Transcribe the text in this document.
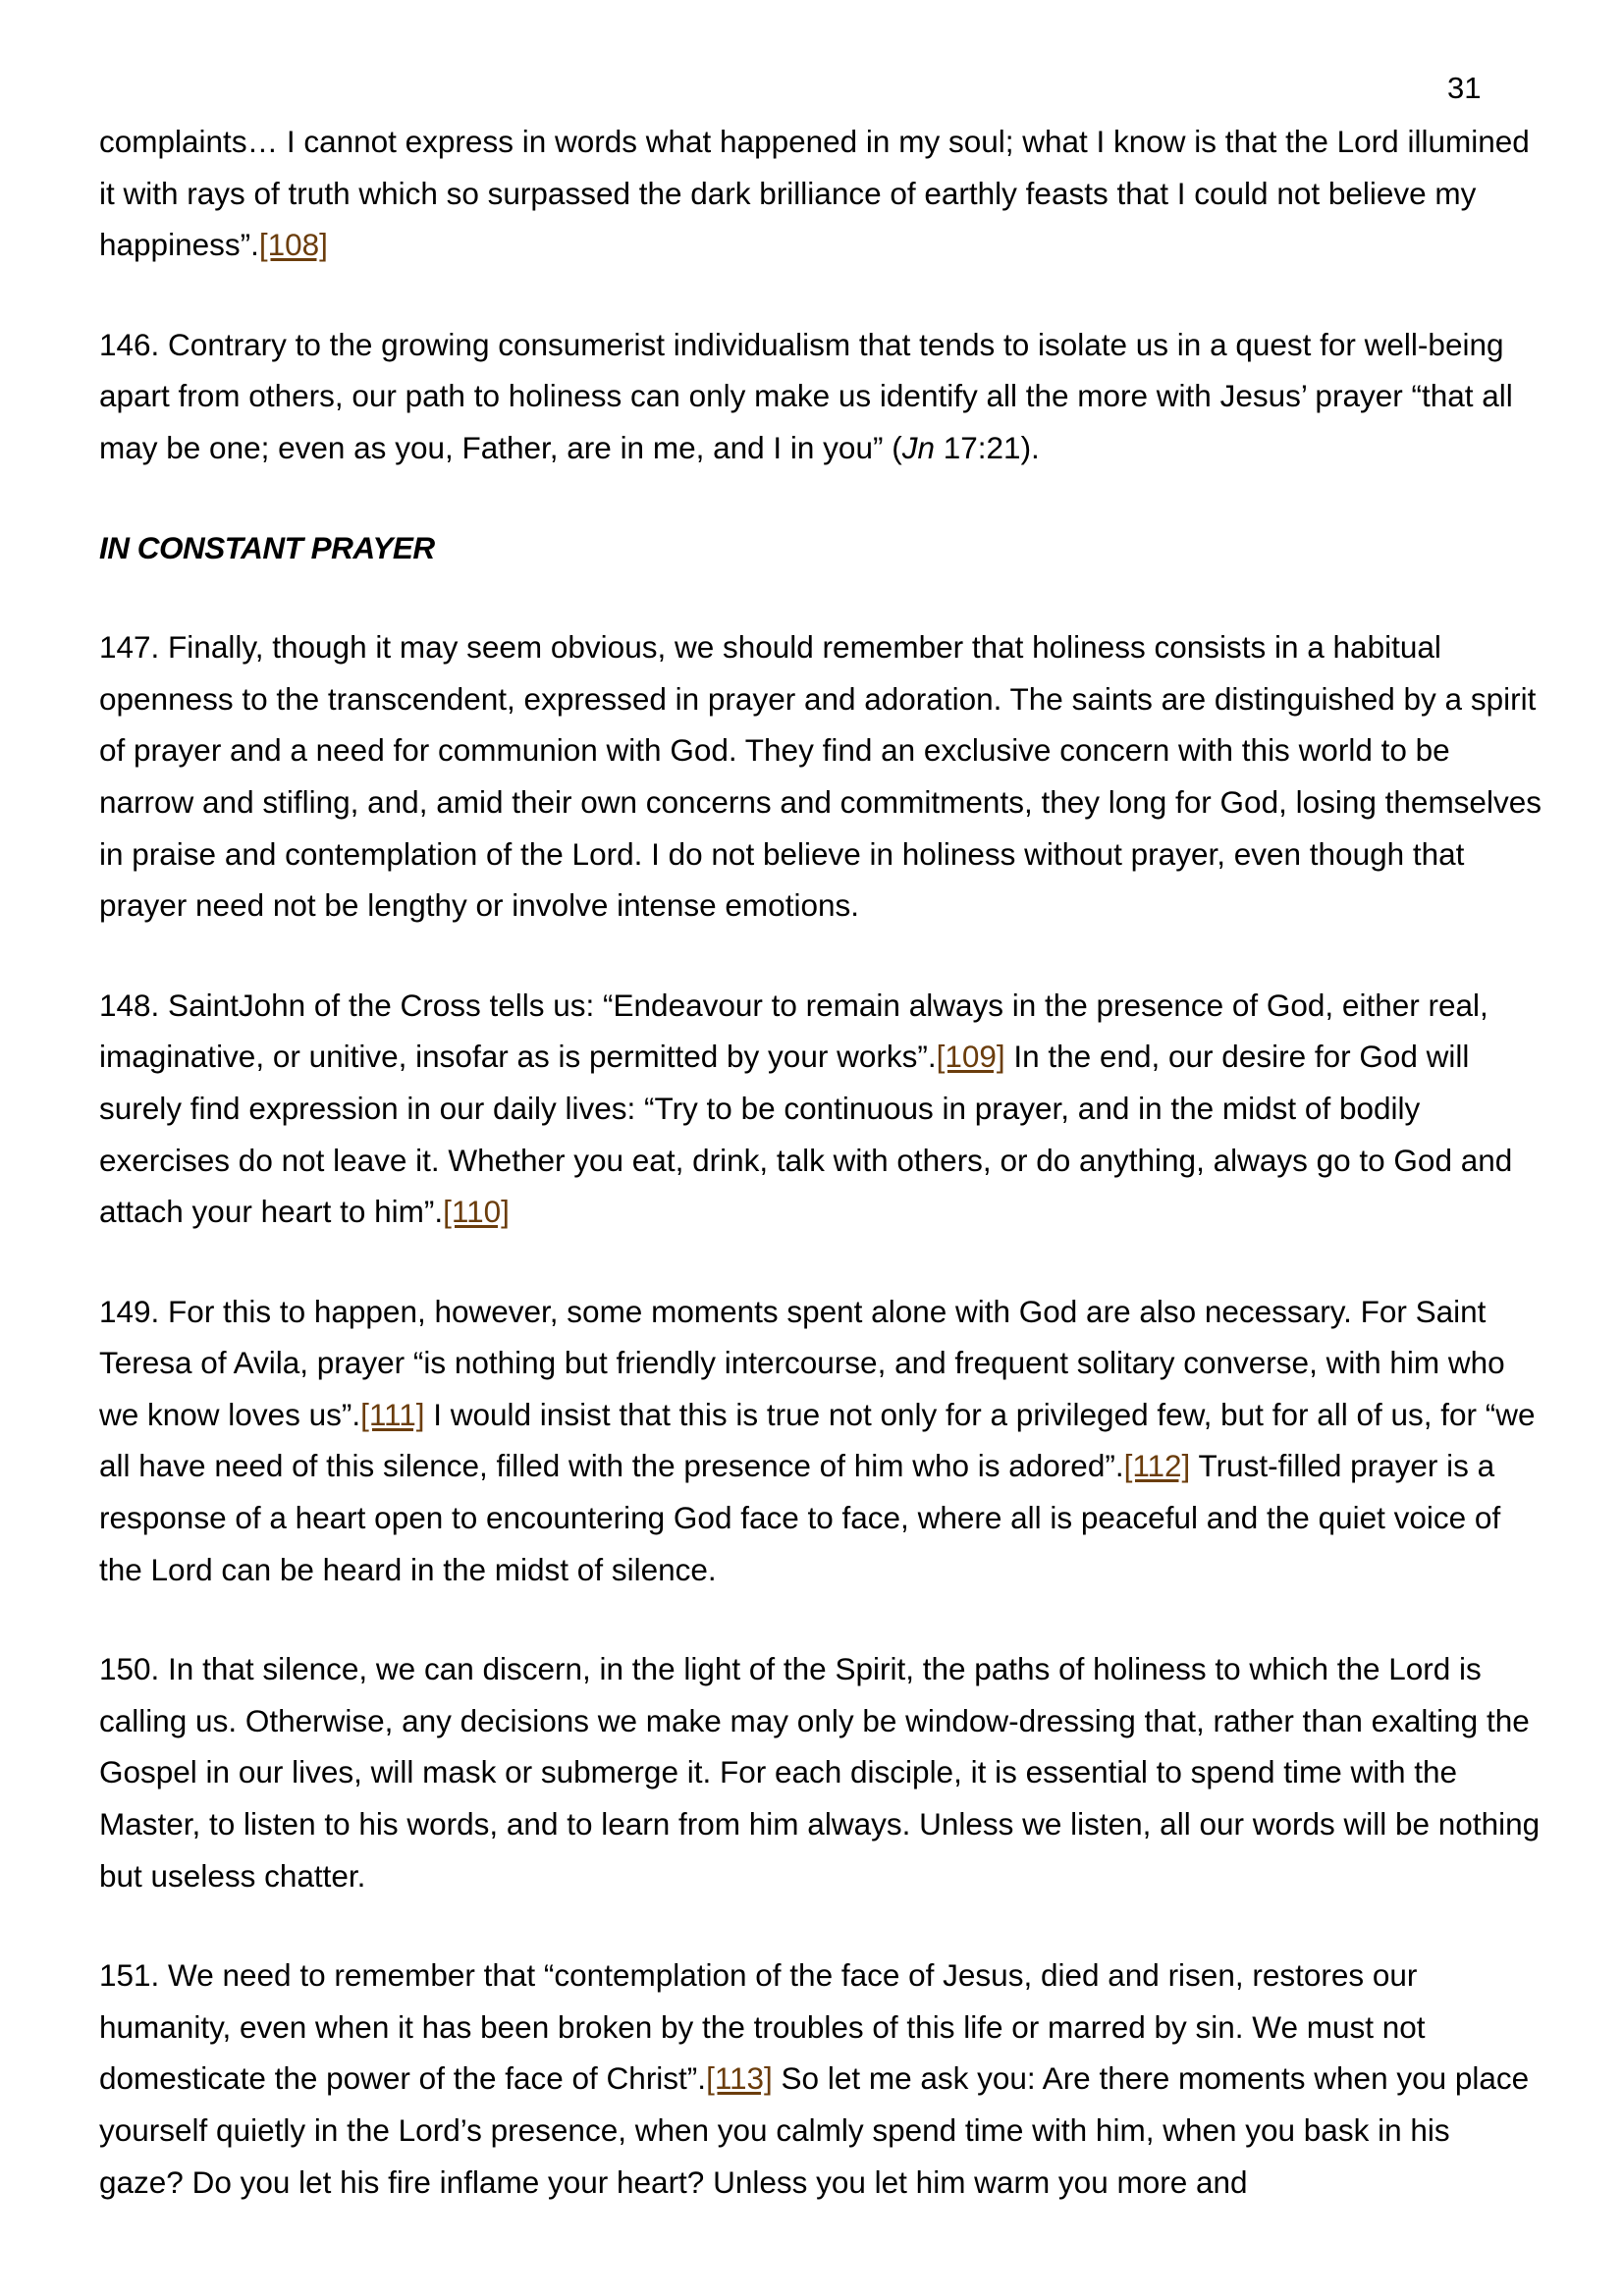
31

complaints… I cannot express in words what happened in my soul; what I know is that the Lord illumined it with rays of truth which so surpassed the dark brilliance of earthly feasts that I could not believe my happiness”.[108]

146. Contrary to the growing consumerist individualism that tends to isolate us in a quest for well-being apart from others, our path to holiness can only make us identify all the more with Jesus’ prayer “that all may be one; even as you, Father, are in me, and I in you” (Jn 17:21).

IN CONSTANT PRAYER

147. Finally, though it may seem obvious, we should remember that holiness consists in a habitual openness to the transcendent, expressed in prayer and adoration. The saints are distinguished by a spirit of prayer and a need for communion with God. They find an exclusive concern with this world to be narrow and stifling, and, amid their own concerns and commitments, they long for God, losing themselves in praise and contemplation of the Lord. I do not believe in holiness without prayer, even though that prayer need not be lengthy or involve intense emotions.

148. SaintJohn of the Cross tells us: “Endeavour to remain always in the presence of God, either real, imaginative, or unitive, insofar as is permitted by your works”.[109] In the end, our desire for God will surely find expression in our daily lives: “Try to be continuous in prayer, and in the midst of bodily exercises do not leave it. Whether you eat, drink, talk with others, or do anything, always go to God and attach your heart to him”.[110]

149. For this to happen, however, some moments spent alone with God are also necessary. For Saint Teresa of Avila, prayer “is nothing but friendly intercourse, and frequent solitary converse, with him who we know loves us”.[111] I would insist that this is true not only for a privileged few, but for all of us, for “we all have need of this silence, filled with the presence of him who is adored”.[112] Trust-filled prayer is a response of a heart open to encountering God face to face, where all is peaceful and the quiet voice of the Lord can be heard in the midst of silence.

150. In that silence, we can discern, in the light of the Spirit, the paths of holiness to which the Lord is calling us. Otherwise, any decisions we make may only be window-dressing that, rather than exalting the Gospel in our lives, will mask or submerge it. For each disciple, it is essential to spend time with the Master, to listen to his words, and to learn from him always. Unless we listen, all our words will be nothing but useless chatter.

151. We need to remember that “contemplation of the face of Jesus, died and risen, restores our humanity, even when it has been broken by the troubles of this life or marred by sin. We must not domesticate the power of the face of Christ”.[113] So let me ask you: Are there moments when you place yourself quietly in the Lord’s presence, when you calmly spend time with him, when you bask in his gaze? Do you let his fire inflame your heart? Unless you let him warm you more and
